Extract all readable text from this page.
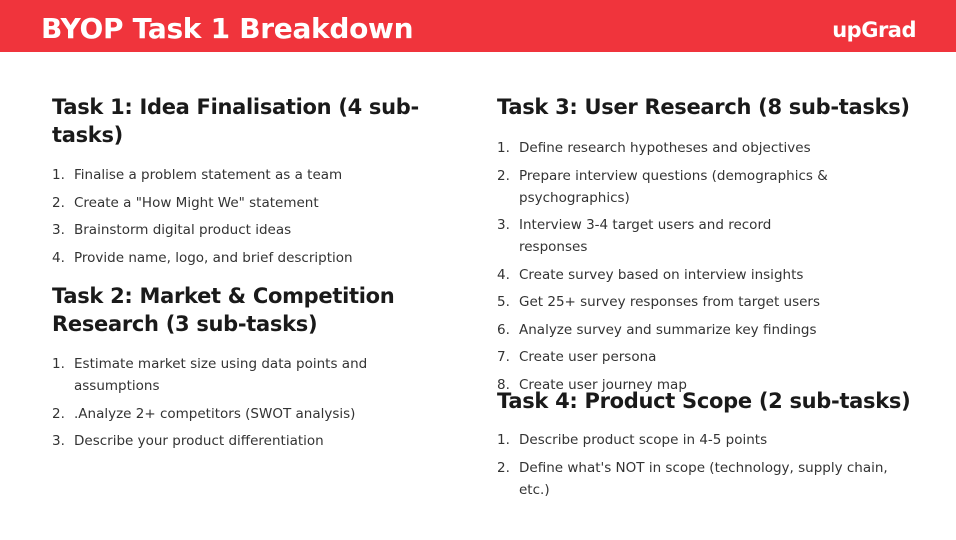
BYOP Task 1 Breakdown	upGrad
Task 1: Idea Finalisation (4 sub-tasks)
1. Finalise a problem statement as a team
2. Create a "How Might We" statement
3. Brainstorm digital product ideas
4. Provide name, logo, and brief description
Task 2: Market & Competition Research (3 sub-tasks)
1. Estimate market size using data points and assumptions
2. .Analyze 2+ competitors (SWOT analysis)
3. Describe your product differentiation
Task 3: User Research (8 sub-tasks)
1. Define research hypotheses and objectives
2. Prepare interview questions (demographics & psychographics)
3. Interview 3-4 target users and record responses
4. Create survey based on interview insights
5. Get 25+ survey responses from target users
6. Analyze survey and summarize key findings
7. Create user persona
8. Create user journey map
Task 4: Product Scope (2 sub-tasks)
1. Describe product scope in 4-5 points
2. Define what's NOT in scope (technology, supply chain, etc.)
